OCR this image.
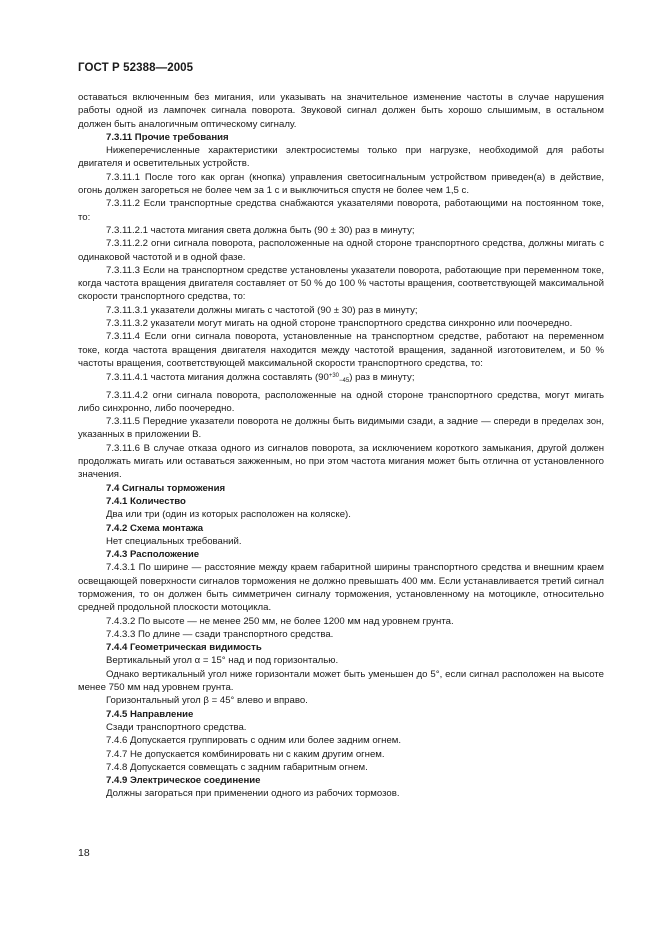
ГОСТ Р 52388—2005

оставаться включенным без мигания, или указывать на значительное изменение частоты в случае нарушения работы одной из лампочек сигнала поворота. Звуковой сигнал должен быть хорошо слышимым, в остальном должен быть аналогичным оптическому сигналу.

7.3.11 Прочие требования

Нижеперечисленные характеристики электросистемы только при нагрузке, необходимой для работы двигателя и осветительных устройств.

7.3.11.1 После того как орган (кнопка) управления светосигнальным устройством приведен(а) в действие, огонь должен загореться не более чем за 1 с и выключиться спустя не более чем 1,5 с.

7.3.11.2 Если транспортные средства снабжаются указателями поворота, работающими на постоянном токе, то:

7.3.11.2.1 частота мигания света должна быть (90 ± 30) раз в минуту;

7.3.11.2.2 огни сигнала поворота, расположенные на одной стороне транспортного средства, должны мигать с одинаковой частотой и в одной фазе.

7.3.11.3 Если на транспортном средстве установлены указатели поворота, работающие при переменном токе, когда частота вращения двигателя составляет от 50 % до 100 % частоты вращения, соответствующей максимальной скорости транспортного средства, то:

7.3.11.3.1 указатели должны мигать с частотой (90 ± 30) раз в минуту;

7.3.11.3.2 указатели могут мигать на одной стороне транспортного средства синхронно или поочередно.

7.3.11.4 Если огни сигнала поворота, установленные на транспортном средстве, работают на переменном токе, когда частота вращения двигателя находится между частотой вращения, заданной изготовителем, и 50 % частоты вращения, соответствующей максимальной скорости транспортного средства, то:

7.3.11.4.1 частота мигания должна составлять $(90^{+30}_{-45})$ раз в минуту;

7.3.11.4.2 огни сигнала поворота, расположенные на одной стороне транспортного средства, могут мигать либо синхронно, либо поочередно.

7.3.11.5 Передние указатели поворота не должны быть видимыми сзади, а задние — спереди в пределах зон, указанных в приложении В.

7.3.11.6 В случае отказа одного из сигналов поворота, за исключением короткого замыкания, другой должен продолжать мигать или оставаться зажженным, но при этом частота мигания может быть отлична от установленного значения.

7.4 Сигналы торможения

7.4.1 Количество

Два или три (один из которых расположен на коляске).

7.4.2 Схема монтажа

Нет специальных требований.

7.4.3 Расположение

7.4.3.1 По ширине — расстояние между краем габаритной ширины транспортного средства и внешним краем освещающей поверхности сигналов торможения не должно превышать 400 мм. Если устанавливается третий сигнал торможения, то он должен быть симметричен сигналу торможения, установленному на мотоцикле, относительно средней продольной плоскости мотоцикла.

7.4.3.2 По высоте — не менее 250 мм, не более 1200 мм над уровнем грунта.

7.4.3.3 По длине — сзади транспортного средства.

7.4.4 Геометрическая видимость

Вертикальный угол α = 15° над и под горизонталью.

Однако вертикальный угол ниже горизонтали может быть уменьшен до 5°, если сигнал расположен на высоте менее 750 мм над уровнем грунта.

Горизонтальный угол β = 45° влево и вправо.

7.4.5 Направление

Сзади транспортного средства.

7.4.6 Допускается группировать с одним или более задним огнем.

7.4.7 Не допускается комбинировать ни с каким другим огнем.

7.4.8 Допускается совмещать с задним габаритным огнем.

7.4.9 Электрическое соединение

Должны загораться при применении одного из рабочих тормозов.

18
